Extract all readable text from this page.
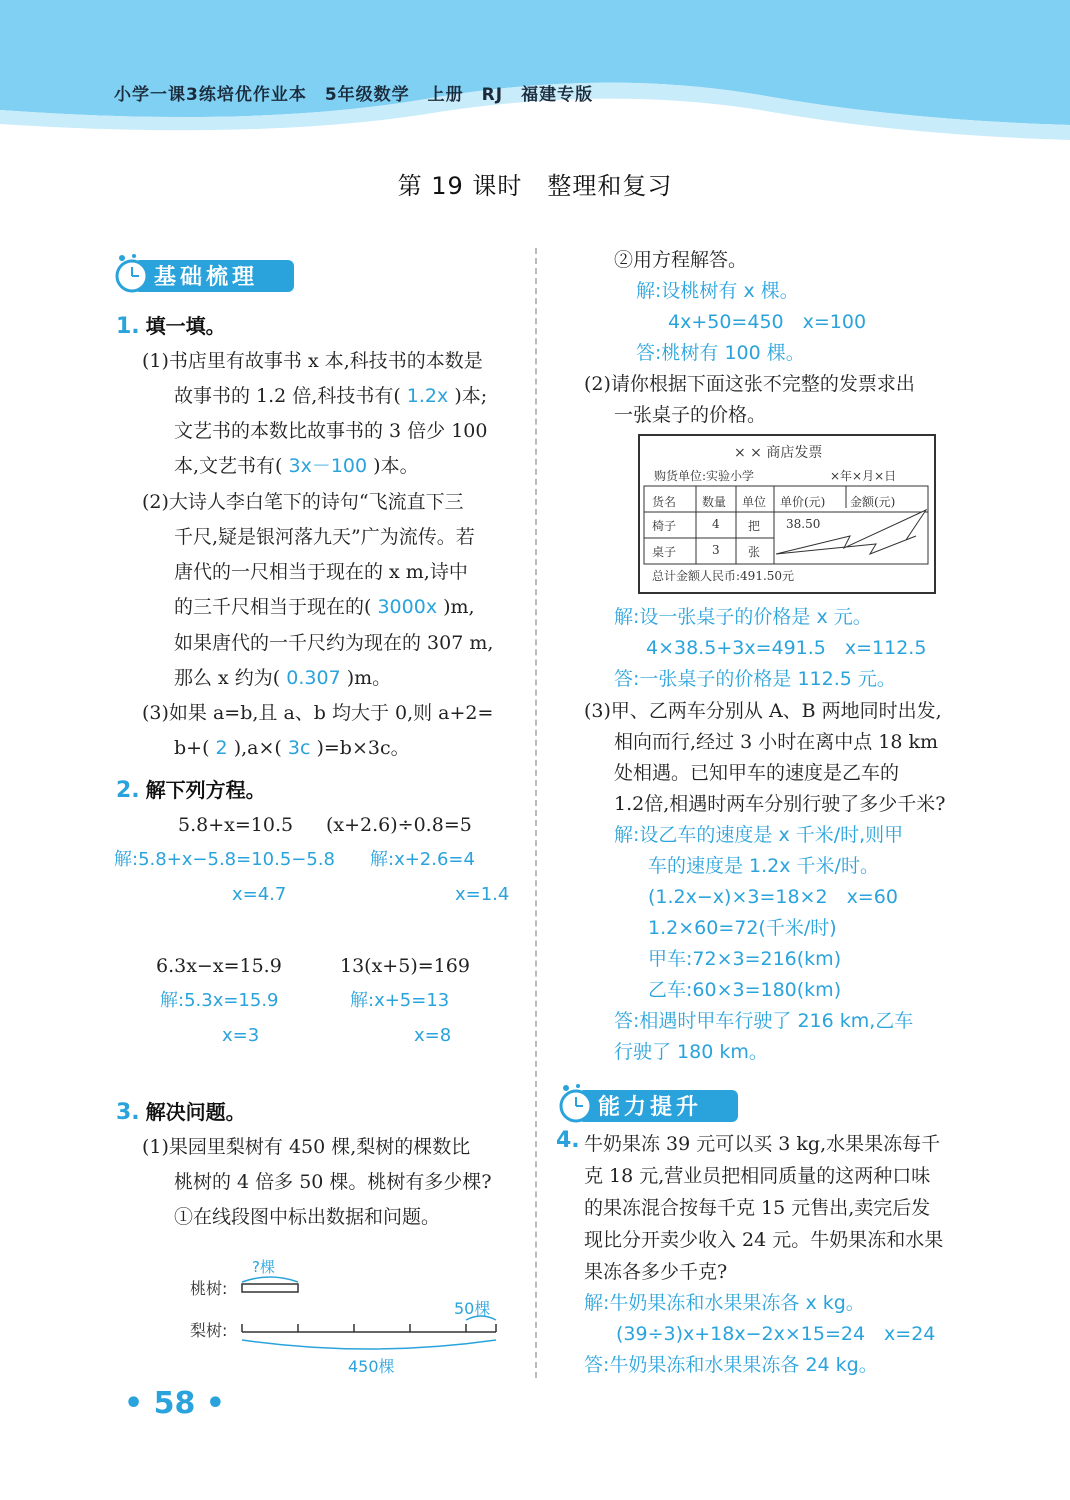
小学一课3练培优作业本　5年级数学　上册　RJ　福建专版
第 19 课时　整理和复习
基础梳理
1. 填一填。
(1)书店里有故事书 x 本,科技书的本数是
故事书的 1.2 倍,科技书有( 1.2x )本;
文艺书的本数比故事书的 3 倍少 100
本,文艺书有( 3x－100 )本。
(2)大诗人李白笔下的诗句“飞流直下三
千尺,疑是银河落九天”广为流传。若
唐代的一尺相当于现在的 x m,诗中
的三千尺相当于现在的( 3000x )m,
如果唐代的一千尺约为现在的 307 m,
那么 x 约为( 0.307 )m。
(3)如果 a=b,且 a、b 均大于 0,则 a+2=
b+( 2 ),a×( 3c )=b×3c。
2. 解下列方程。
5.8+x=10.5 (x+2.6)÷0.8=5
解:5.8+x−5.8=10.5−5.8
x=4.7
解:x+2.6=4
x=1.4
6.3x−x=15.9	13(x+5)=169
解:5.3x=15.9
x=3
解:x+5=13
x=8
3. 解决问题。
(1)果园里梨树有 450 棵,梨树的棵数比
桃树的 4 倍多 50 棵。桃树有多少棵?
①在线段图中标出数据和问题。
?棵
桃树:
50棵
梨树:
450棵
②用方程解答。
解:设桃树有 x 棵。
4x+50=450　x=100
答:桃树有 100 棵。
(2)请你根据下面这张不完整的发票求出
一张桌子的价格。
× × 商店发票
购货单位:实验小学	×年×月×日
货名 数量 单位 单价(元) 金额(元)
椅子	4 把 38.50
桌子	3 张
总计金额人民币:491.50元
解:设一张桌子的价格是 x 元。
4×38.5+3x=491.5　x=112.5
答:一张桌子的价格是 112.5 元。
(3)甲、乙两车分别从 A、B 两地同时出发,
相向而行,经过 3 小时在离中点 18 km
处相遇。已知甲车的速度是乙车的
1.2倍,相遇时两车分别行驶了多少千米?
解:设乙车的速度是 x 千米/时,则甲
车的速度是 1.2x 千米/时。
(1.2x−x)×3=18×2　x=60
1.2×60=72(千米/时)
甲车:72×3=216(km)
乙车:60×3=180(km)
答:相遇时甲车行驶了 216 km,乙车
行驶了 180 km。
能力提升
4. 牛奶果冻 39 元可以买 3 kg,水果果冻每千
克 18 元,营业员把相同质量的这两种口味
的果冻混合按每千克 15 元售出,卖完后发
现比分开卖少收入 24 元。牛奶果冻和水果
果冻各多少千克?
解:牛奶果冻和水果果冻各 x kg。
(39÷3)x+18x−2x×15=24　x=24
答:牛奶果冻和水果果冻各 24 kg。
• 58 •
